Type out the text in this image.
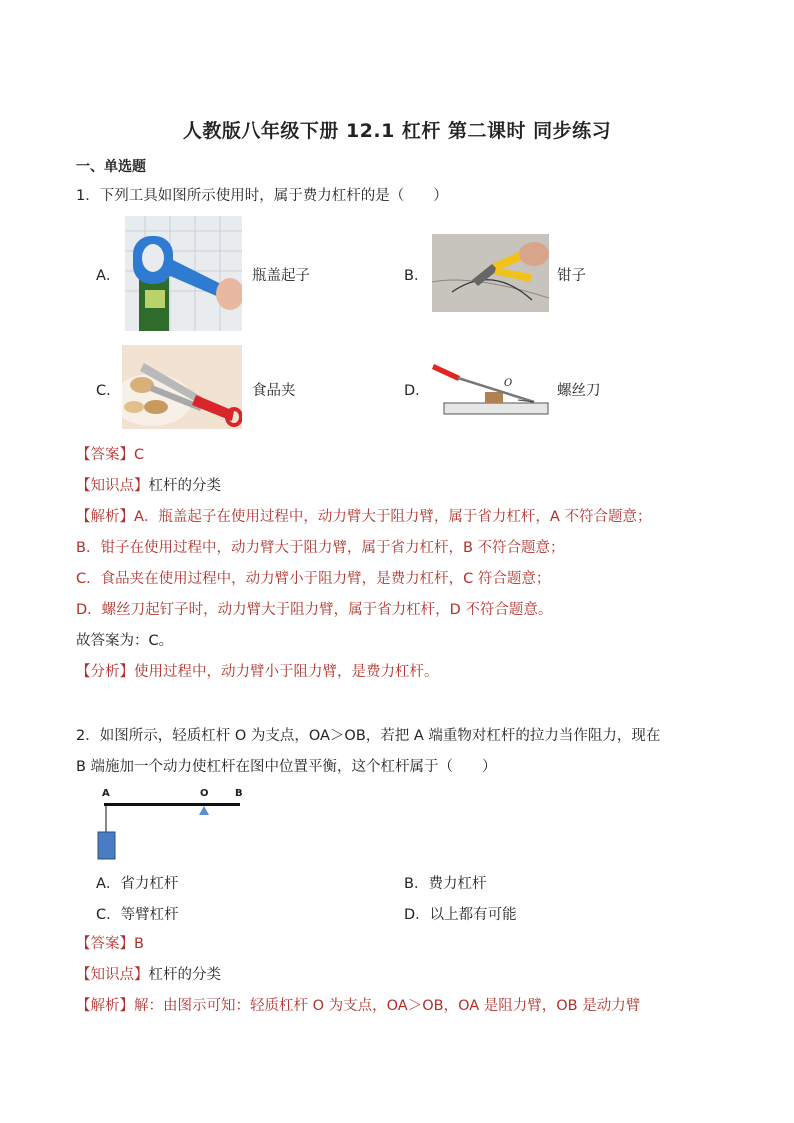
人教版八年级下册 12.1 杠杆 第二课时 同步练习
一、单选题
1．下列工具如图所示使用时，属于费力杠杆的是（　　）
A．	瓶盖起子	B．	钳子
C．	食品夹	D．	O	螺丝刀
【答案】C
【知识点】杠杆的分类
【解析】A．瓶盖起子在使用过程中，动力臂大于阻力臂，属于省力杠杆，A 不符合题意；
B．钳子在使用过程中，动力臂大于阻力臂，属于省力杠杆，B 不符合题意；
C．食品夹在使用过程中，动力臂小于阻力臂，是费力杠杆，C 符合题意；
D．螺丝刀起钉子时，动力臂大于阻力臂，属于省力杠杆，D 不符合题意。
故答案为：C。
【分析】使用过程中，动力臂小于阻力臂，是费力杠杆。
2．如图所示，轻质杠杆 O 为支点，OA＞OB，若把 A 端重物对杠杆的拉力当作阻力，现在
B 端施加一个动力使杠杆在图中位置平衡，这个杠杆属于（　　）
A	O	B
A．省力杠杆	B．费力杠杆
C．等臂杠杆	D．以上都有可能
【答案】B
【知识点】杠杆的分类
【解析】解：由图示可知：轻质杠杆 O 为支点，OA＞OB，OA 是阻力臂，OB 是动力臂
